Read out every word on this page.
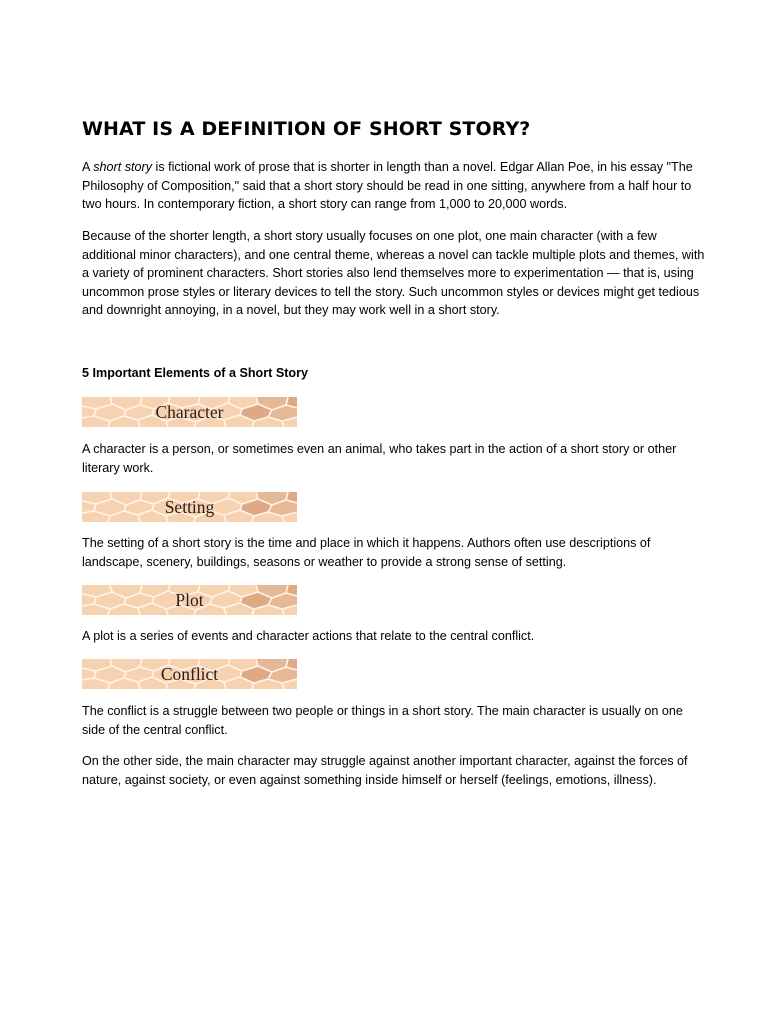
WHAT IS A DEFINITION OF SHORT STORY?

A short story is fictional work of prose that is shorter in length than a novel. Edgar Allan Poe, in his essay "The Philosophy of Composition," said that a short story should be read in one sitting, anywhere from a half hour to two hours. In contemporary fiction, a short story can range from 1,000 to 20,000 words.

Because of the shorter length, a short story usually focuses on one plot, one main character (with a few additional minor characters), and one central theme, whereas a novel can tackle multiple plots and themes, with a variety of prominent characters. Short stories also lend themselves more to experimentation — that is, using uncommon prose styles or literary devices to tell the story. Such uncommon styles or devices might get tedious and downright annoying, in a novel, but they may work well in a short story.

5 Important Elements of a Short Story

Character

A character is a person, or sometimes even an animal, who takes part in the action of a short story or other literary work.

Setting

The setting of a short story is the time and place in which it happens. Authors often use descriptions of landscape, scenery, buildings, seasons or weather to provide a strong sense of setting.

Plot

A plot is a series of events and character actions that relate to the central conflict.

Conflict

The conflict is a struggle between two people or things in a short story. The main character is usually on one side of the central conflict.

On the other side, the main character may struggle against another important character, against the forces of nature, against society, or even against something inside himself or herself (feelings, emotions, illness).
